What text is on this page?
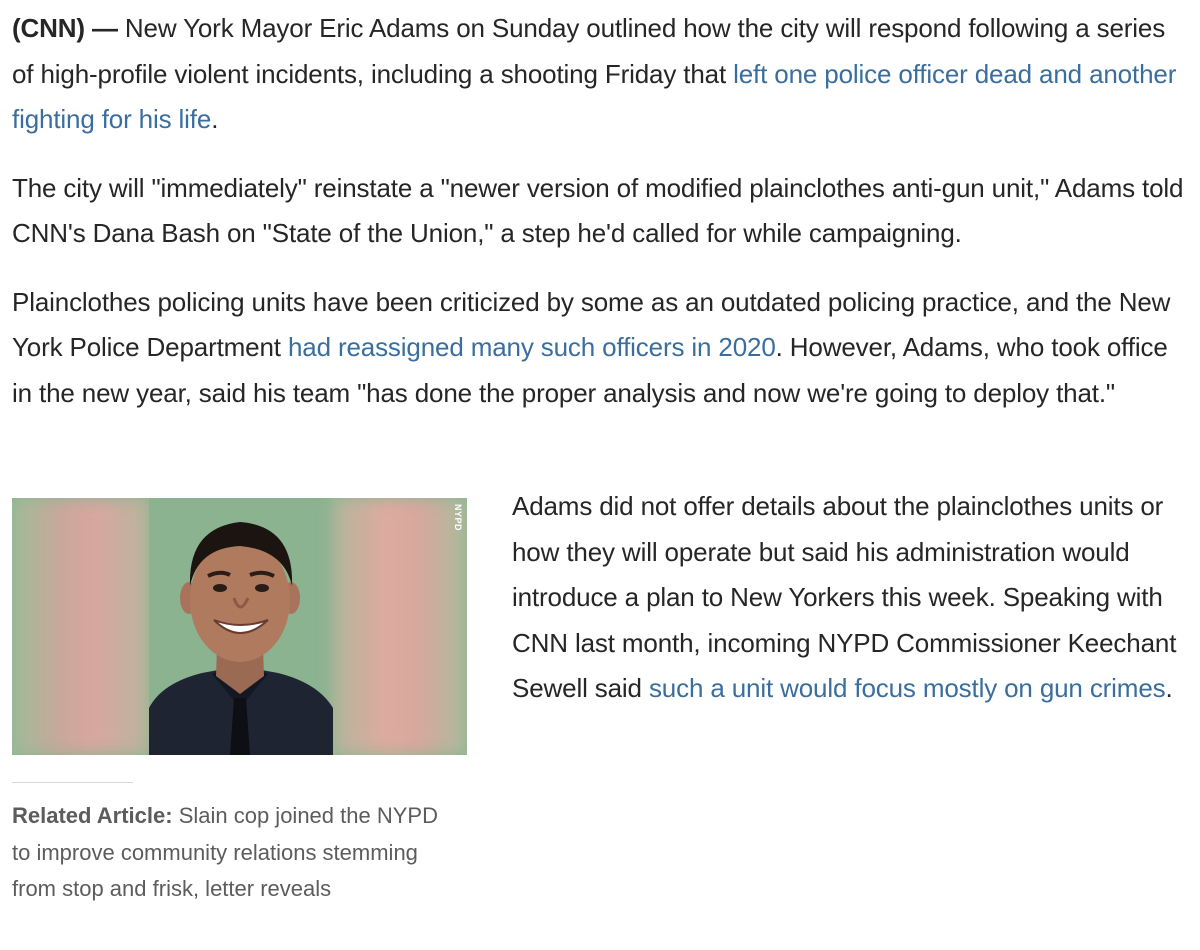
(CNN) — New York Mayor Eric Adams on Sunday outlined how the city will respond following a series of high-profile violent incidents, including a shooting Friday that left one police officer dead and another fighting for his life.

The city will "immediately" reinstate a "newer version of modified plainclothes anti-gun unit," Adams told CNN's Dana Bash on "State of the Union," a step he'd called for while campaigning.

Plainclothes policing units have been criticized by some as an outdated policing practice, and the New York Police Department had reassigned many such officers in 2020. However, Adams, who took office in the new year, said his team "has done the proper analysis and now we're going to deploy that."

NYPD

Related Article: Slain cop joined the NYPD to improve community relations stemming from stop and frisk, letter reveals

Adams did not offer details about the plainclothes units or how they will operate but said his administration would introduce a plan to New Yorkers this week. Speaking with CNN last month, incoming NYPD Commissioner Keechant Sewell said such a unit would focus mostly on gun crimes.
